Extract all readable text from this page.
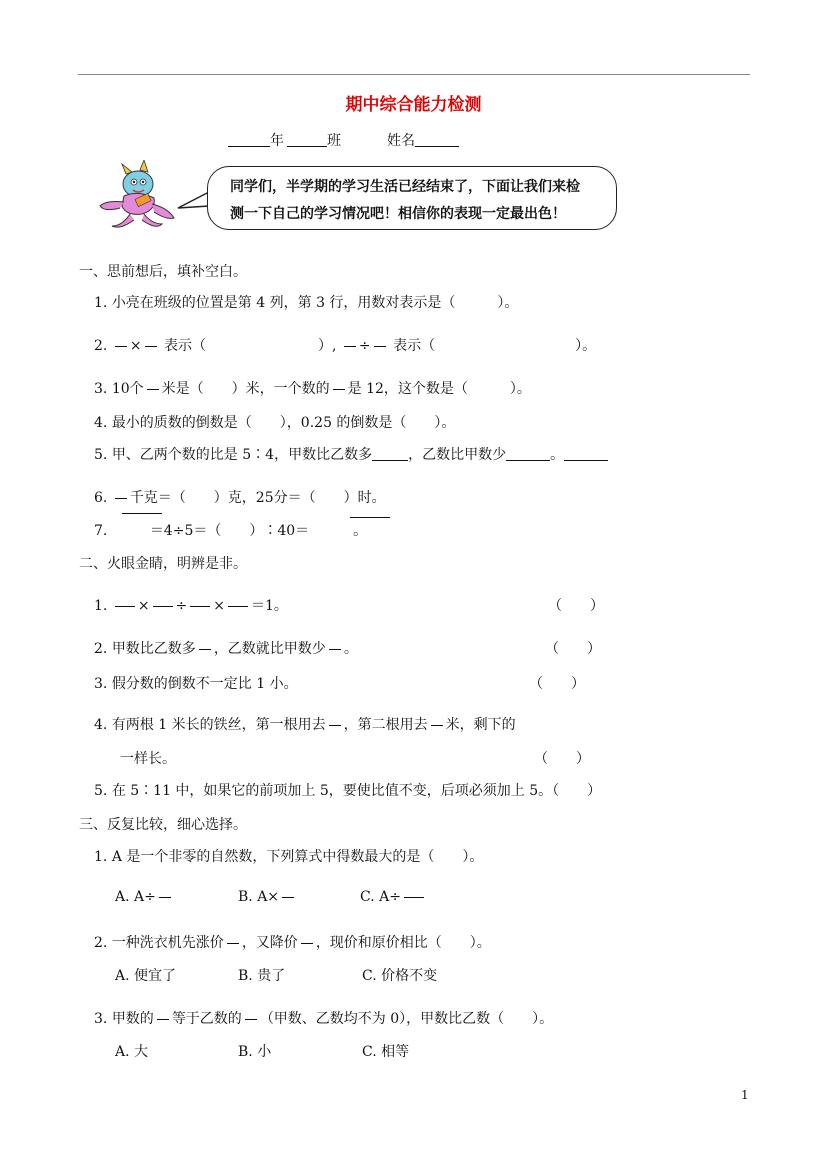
期中综合能力检测
年	班	姓名
同学们，半学期的学习生活已经结束了，下面让我们来检
测一下自己的学习情况吧！相信你的表现一定最出色！
一、思前想后，填补空白。
1. 小亮在班级的位置是第 4 列，第 3 行，用数对表示是（　　　）。
2. × 表示（　　　　　　　　）, ÷ 表示（　　　　　　　　　　）。
3. 10个 米是（　　）米，一个数的 是 12，这个数是（　　　）。
4. 最小的质数的倒数是（　　），0.25 的倒数是（　　）。
5. 甲、乙两个数的比是 5∶4，甲数比乙数多	，乙数比甲数少	。
6. 千克＝（　　）克，25分＝（　　）时。
7.	＝4÷5＝（　　）∶40＝	。
二、火眼金睛，明辨是非。
1. × ÷ × ＝1。	（　　）
2. 甲数比乙数多 ，乙数就比甲数少 。	（　　）
3. 假分数的倒数不一定比 1 小。	（　　）
4. 有两根 1 米长的铁丝，第一根用去 ，第二根用去 米，剩下的
一样长。	（　　）
5. 在 5∶11 中，如果它的前项加上 5，要使比值不变，后项必须加上 5。（　　）
三、反复比较，细心选择。
1. A 是一个非零的自然数，下列算式中得数最大的是（　　）。
A. A÷	B. A×	C. A÷
2. 一种洗衣机先涨价 ，又降价 ，现价和原价相比（　　）。
A. 便宜了	B. 贵了	C. 价格不变
3. 甲数的 等于乙数的 （甲数、乙数均不为 0），甲数比乙数（　　）。
A. 大	B. 小	C. 相等
1
